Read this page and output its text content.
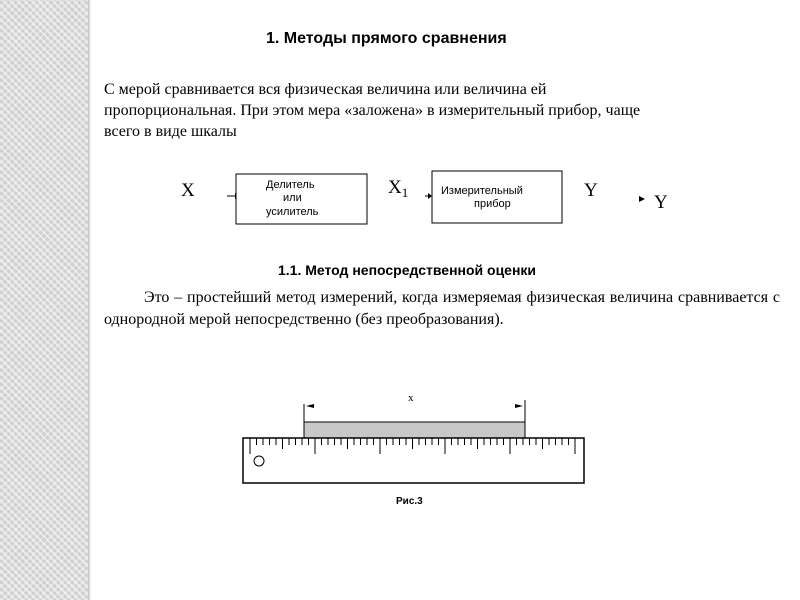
1. Методы прямого сравнения

С мерой сравнивается вся физическая величина или величина ей
пропорциональная. При этом мера «заложена» в измерительный прибор, чаще
всего в виде шкалы

X	Делитель
или
усилитель
$X_1$	Измерительный
прибор
Y
Y
1.1. Метод непосредственной оценки

Это – простейший метод измерений, когда измеряемая физическая величина сравнивается с однородной мерой непосредственно (без преобразования).

x
Рис.3
